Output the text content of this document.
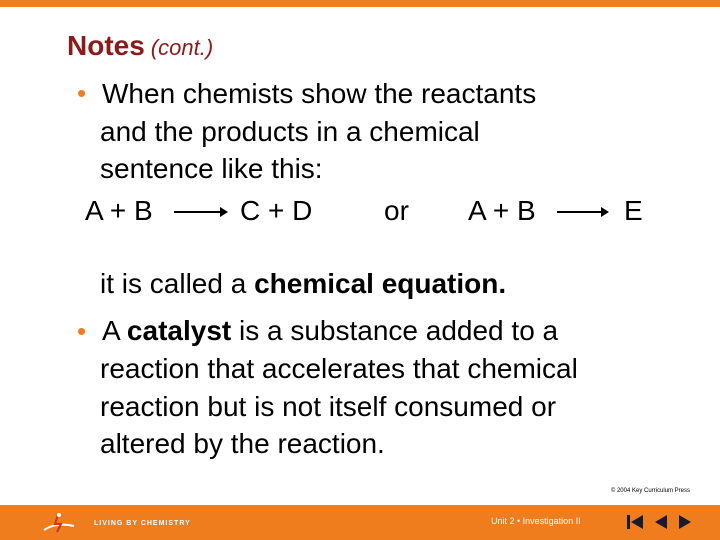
Notes (cont.)
• When chemists show the reactants
and the products in a chemical
sentence like this:
A + B → C + D	or A + B → E
it is called a chemical equation.
• A catalyst is a substance added to a
reaction that accelerates that chemical
reaction but is not itself consumed or
altered by the reaction.
© 2004 Key Curriculum Press
LIVING BY CHEMISTRY	Unit 2 • Investigation II
